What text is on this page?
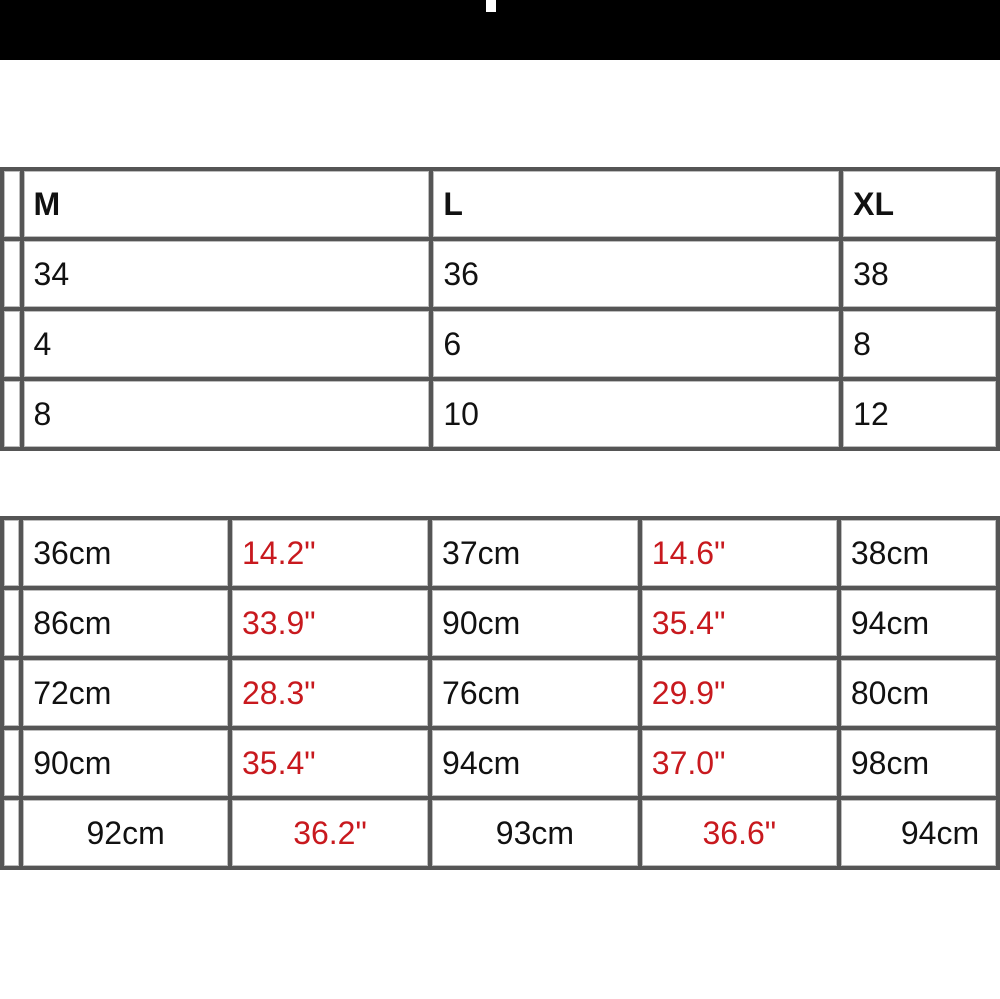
	M	L	XL
	34	36	38
	4	6	8
	8	10	12
	36cm	14.2"	37cm	14.6"	38cm
	86cm	33.9"	90cm	35.4"	94cm
	72cm	28.3"	76cm	29.9"	80cm
	90cm	35.4"	94cm	37.0"	98cm
	92cm	36.2"	93cm	36.6"	94cm
